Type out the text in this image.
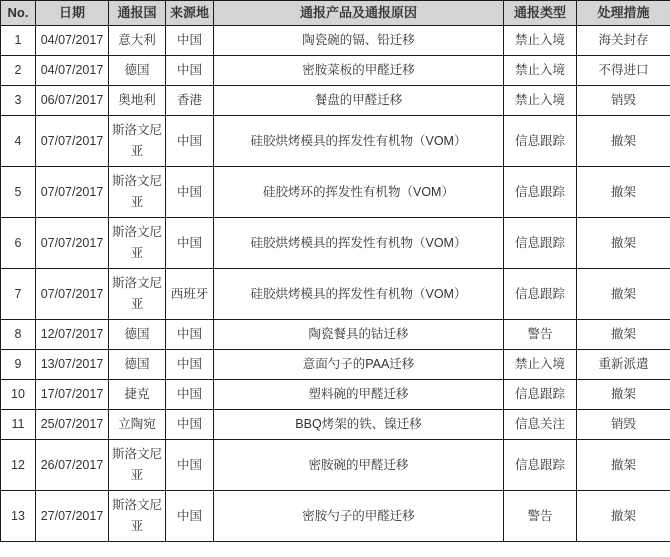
No.	日期	通报国	来源地	通报产品及通报原因	通报类型	处理措施
1	04/07/2017	意大利	中国	陶瓷碗的镉、铅迁移	禁止入境	海关封存
2	04/07/2017	德国	中国	密胺菜板的甲醛迁移	禁止入境	不得进口
3	06/07/2017	奥地利	香港	餐盘的甲醛迁移	禁止入境	销毁
4	07/07/2017	斯洛文尼亚	中国	硅胶烘烤模具的挥发性有机物（VOM）	信息跟踪	撤架
5	07/07/2017	斯洛文尼亚	中国	硅胶烤环的挥发性有机物（VOM）	信息跟踪	撤架
6	07/07/2017	斯洛文尼亚	中国	硅胶烘烤模具的挥发性有机物（VOM）	信息跟踪	撤架
7	07/07/2017	斯洛文尼亚	西班牙	硅胶烘烤模具的挥发性有机物（VOM）	信息跟踪	撤架
8	12/07/2017	德国	中国	陶瓷餐具的钴迁移	警告	撤架
9	13/07/2017	德国	中国	意面勺子的PAA迁移	禁止入境	重新派遣
10	17/07/2017	捷克	中国	塑料碗的甲醛迁移	信息跟踪	撤架
11	25/07/2017	立陶宛	中国	BBQ烤架的铁、镍迁移	信息关注	销毁
12	26/07/2017	斯洛文尼亚	中国	密胺碗的甲醛迁移	信息跟踪	撤架
13	27/07/2017	斯洛文尼亚	中国	密胺勺子的甲醛迁移	警告	撤架
